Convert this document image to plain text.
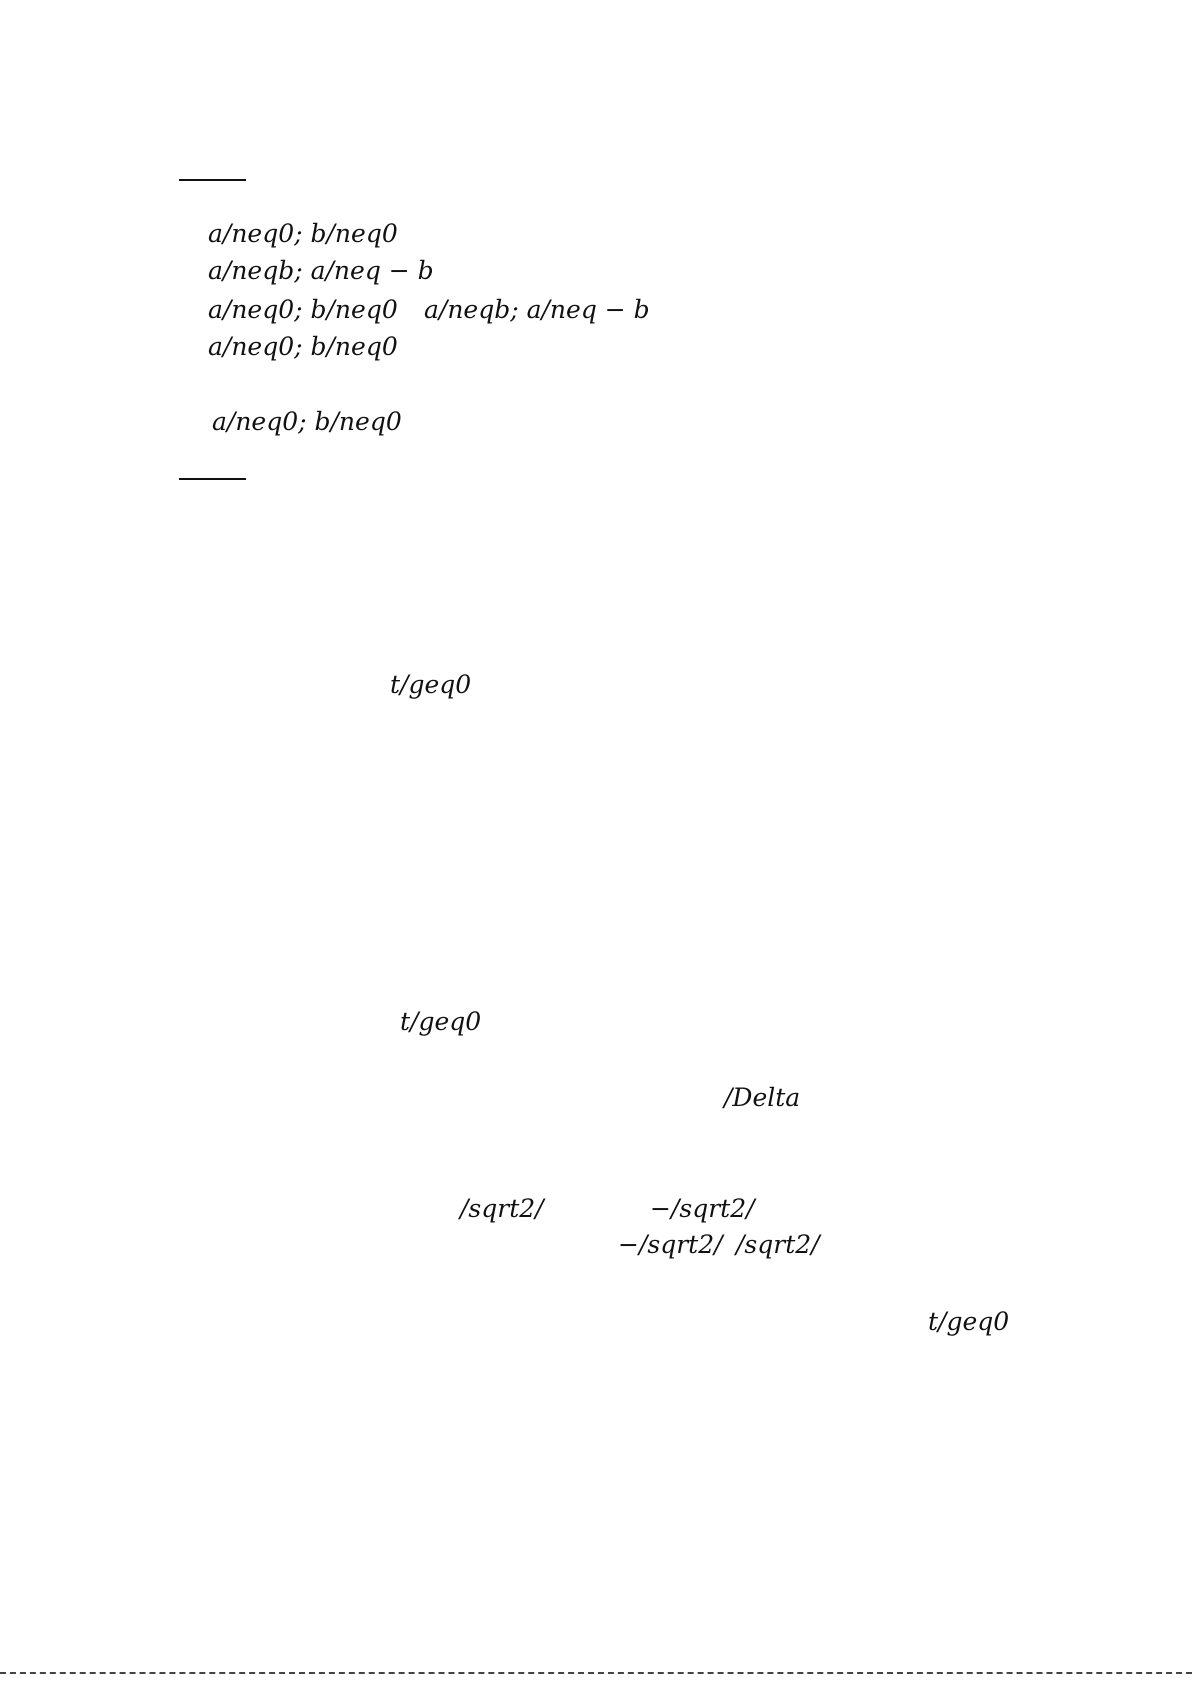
a/neq0; b/neq0
a/neqb; a/neq − b
a/neq0; b/neq0 a/neqb; a/neq − b
a/neq0; b/neq0
a/neq0; b/neq0
t/geq0
t/geq0
/Delta
/sqrt2/	−/sqrt2/
−/sqrt2/ /sqrt2/
t/geq0
